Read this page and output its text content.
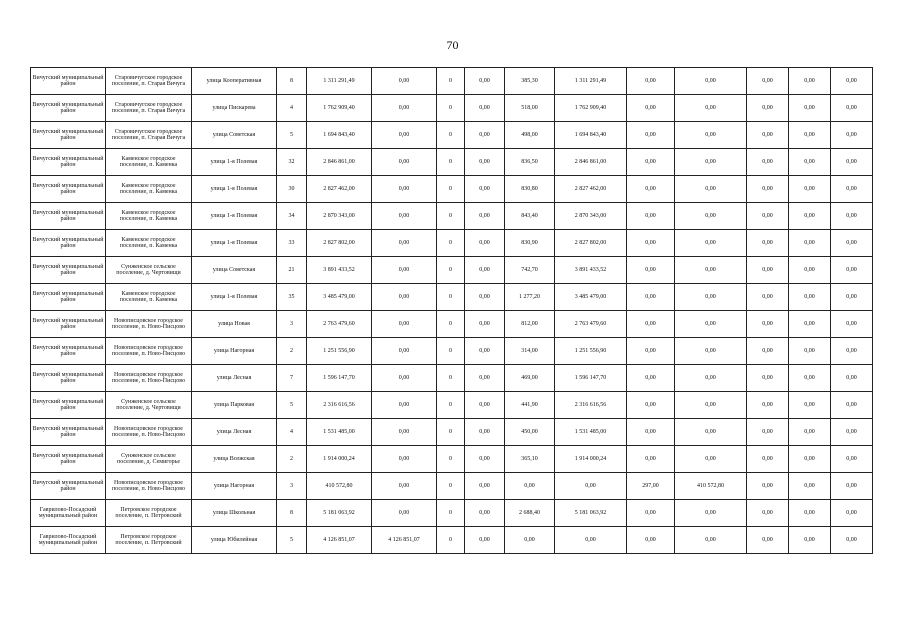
70
Вичугский муниципальный район	Старовичугское городское поселение, п. Старая Вичуга	улица Кооперативная	8	1 311 291,49	0,00	0	0,00	385,30	1 311 291,49	0,00	0,00	0,00	0,00	0,00
Вичугский муниципальный район	Старовичугское городское поселение, п. Старая Вичуга	улица Пискарева	4	1 762 909,40	0,00	0	0,00	518,00	1 762 909,40	0,00	0,00	0,00	0,00	0,00
Вичугский муниципальный район	Старовичугское городское поселение, п. Старая Вичуга	улица Советская	5	1 694 843,40	0,00	0	0,00	498,00	1 694 843,40	0,00	0,00	0,00	0,00	0,00
Вичугский муниципальный район	Каменское городское поселение, п. Каменка	улица 1-я Полевая	32	2 846 861,00	0,00	0	0,00	836,50	2 846 861,00	0,00	0,00	0,00	0,00	0,00
Вичугский муниципальный район	Каменское городское поселение, п. Каменка	улица 1-я Полевая	30	2 827 462,00	0,00	0	0,00	830,80	2 827 462,00	0,00	0,00	0,00	0,00	0,00
Вичугский муниципальный район	Каменское городское поселение, п. Каменка	улица 1-я Полевая	34	2 870 343,00	0,00	0	0,00	843,40	2 870 343,00	0,00	0,00	0,00	0,00	0,00
Вичугский муниципальный район	Каменское городское поселение, п. Каменка	улица 1-я Полевая	33	2 827 802,00	0,00	0	0,00	830,90	2 827 802,00	0,00	0,00	0,00	0,00	0,00
Вичугский муниципальный район	Сунженское сельское поселение, д. Чертовищи	улица Советская	21	3 891 433,52	0,00	0	0,00	742,70	3 891 433,52	0,00	0,00	0,00	0,00	0,00
Вичугский муниципальный район	Каменское городское поселение, п. Каменка	улица 1-я Полевая	35	3 485 479,00	0,00	0	0,00	1 277,20	3 485 479,00	0,00	0,00	0,00	0,00	0,00
Вичугский муниципальный район	Новописцовское городское поселение, п. Ново-Писцово	улица Новая	3	2 763 479,60	0,00	0	0,00	812,00	2 763 479,60	0,00	0,00	0,00	0,00	0,00
Вичугский муниципальный район	Новописцовское городское поселение, п. Ново-Писцово	улица Нагорная	2	1 251 556,90	0,00	0	0,00	314,00	1 251 556,90	0,00	0,00	0,00	0,00	0,00
Вичугский муниципальный район	Новописцовское городское поселение, п. Ново-Писцово	улица Лесная	7	1 596 147,70	0,00	0	0,00	469,00	1 596 147,70	0,00	0,00	0,00	0,00	0,00
Вичугский муниципальный район	Сунженское сельское поселение, д. Чертовищи	улица Парковая	5	2 316 616,56	0,00	0	0,00	441,90	2 316 616,56	0,00	0,00	0,00	0,00	0,00
Вичугский муниципальный район	Новописцовское городское поселение, п. Ново-Писцово	улица Лесная	4	1 531 485,00	0,00	0	0,00	450,00	1 531 485,00	0,00	0,00	0,00	0,00	0,00
Вичугский муниципальный район	Сунженское сельское поселение, д. Семигорье	улица Волжская	2	1 914 000,24	0,00	0	0,00	365,10	1 914 000,24	0,00	0,00	0,00	0,00	0,00
Вичугский муниципальный район	Новописцовское городское поселение, п. Ново-Писцово	улица Нагорная	3	410 572,80	0,00	0	0,00	0,00	0,00	297,00	410 572,80	0,00	0,00	0,00
Гаврилово-Посадский муниципальный район	Петровское городское поселение, п. Петровский	улица Школьная	8	5 181 063,92	0,00	0	0,00	2 688,40	5 181 063,92	0,00	0,00	0,00	0,00	0,00
Гаврилово-Посадский муниципальный район	Петровское городское поселение, п. Петровский	улица Юбилейная	5	4 126 851,07	4 126 851,07	0	0,00	0,00	0,00	0,00	0,00	0,00	0,00	0,00
